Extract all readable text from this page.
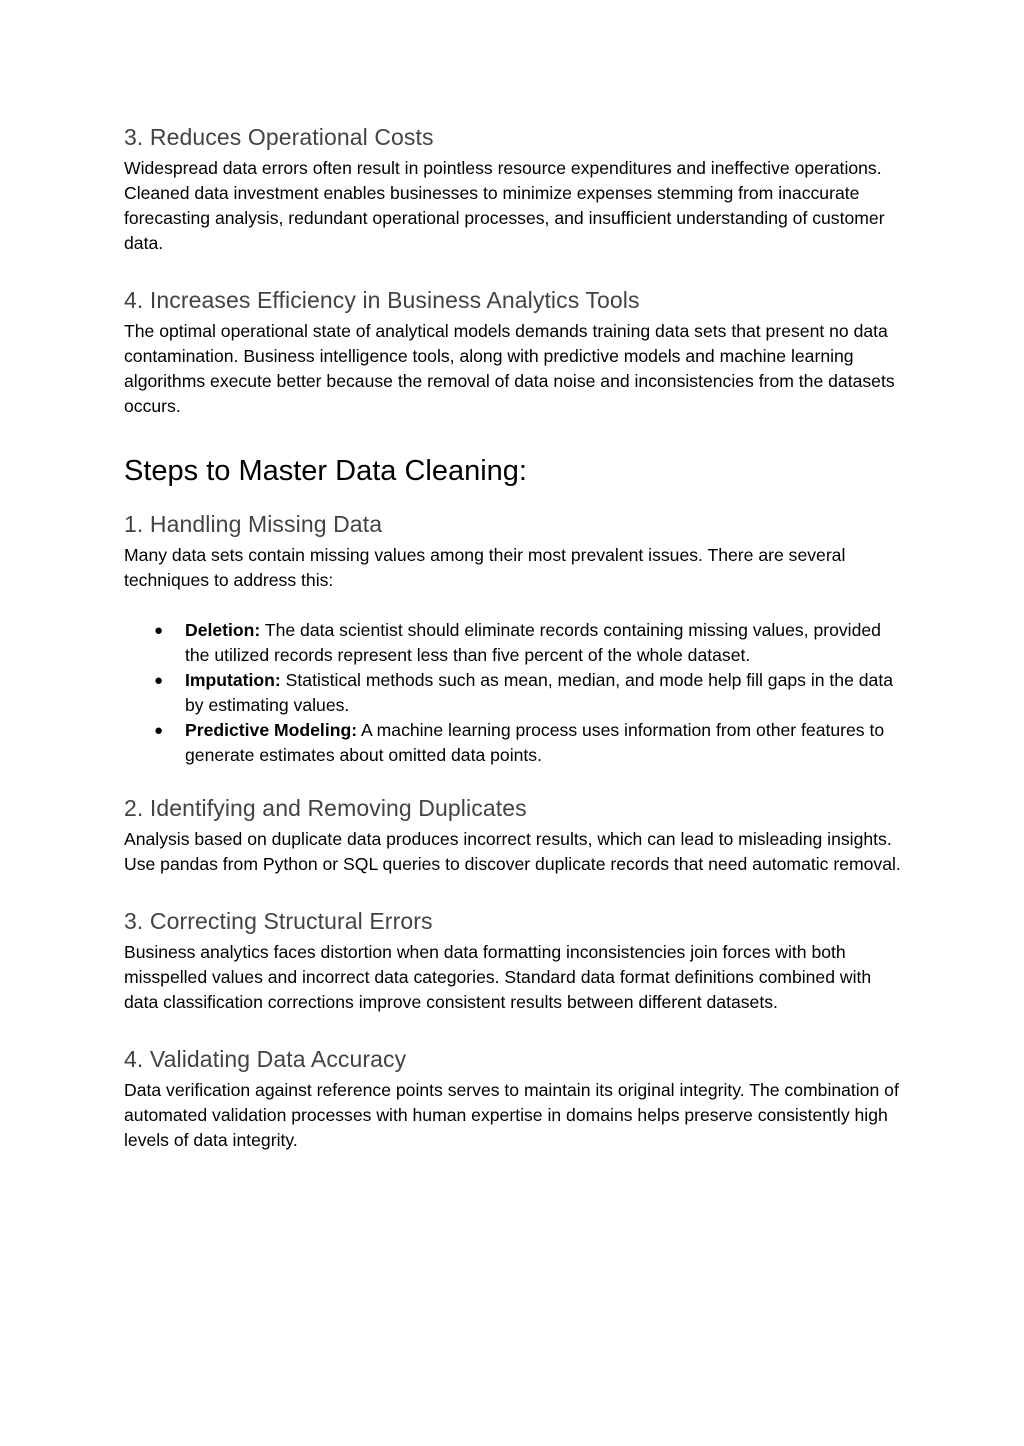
3. Reduces Operational Costs

Widespread data errors often result in pointless resource expenditures and ineffective operations. Cleaned data investment enables businesses to minimize expenses stemming from inaccurate forecasting analysis, redundant operational processes, and insufficient understanding of customer data.

4. Increases Efficiency in Business Analytics Tools

The optimal operational state of analytical models demands training data sets that present no data contamination. Business intelligence tools, along with predictive models and machine learning algorithms execute better because the removal of data noise and inconsistencies from the datasets occurs.

Steps to Master Data Cleaning:
1. Handling Missing Data

Many data sets contain missing values among their most prevalent issues. There are several techniques to address this:

● Deletion: The data scientist should eliminate records containing missing values, provided the utilized records represent less than five percent of the whole dataset.
● Imputation: Statistical methods such as mean, median, and mode help fill gaps in the data by estimating values.
● Predictive Modeling: A machine learning process uses information from other features to generate estimates about omitted data points.
2. Identifying and Removing Duplicates

Analysis based on duplicate data produces incorrect results, which can lead to misleading insights. Use pandas from Python or SQL queries to discover duplicate records that need automatic removal.

3. Correcting Structural Errors

Business analytics faces distortion when data formatting inconsistencies join forces with both misspelled values and incorrect data categories. Standard data format definitions combined with data classification corrections improve consistent results between different datasets.

4. Validating Data Accuracy

Data verification against reference points serves to maintain its original integrity. The combination of automated validation processes with human expertise in domains helps preserve consistently high levels of data integrity.
